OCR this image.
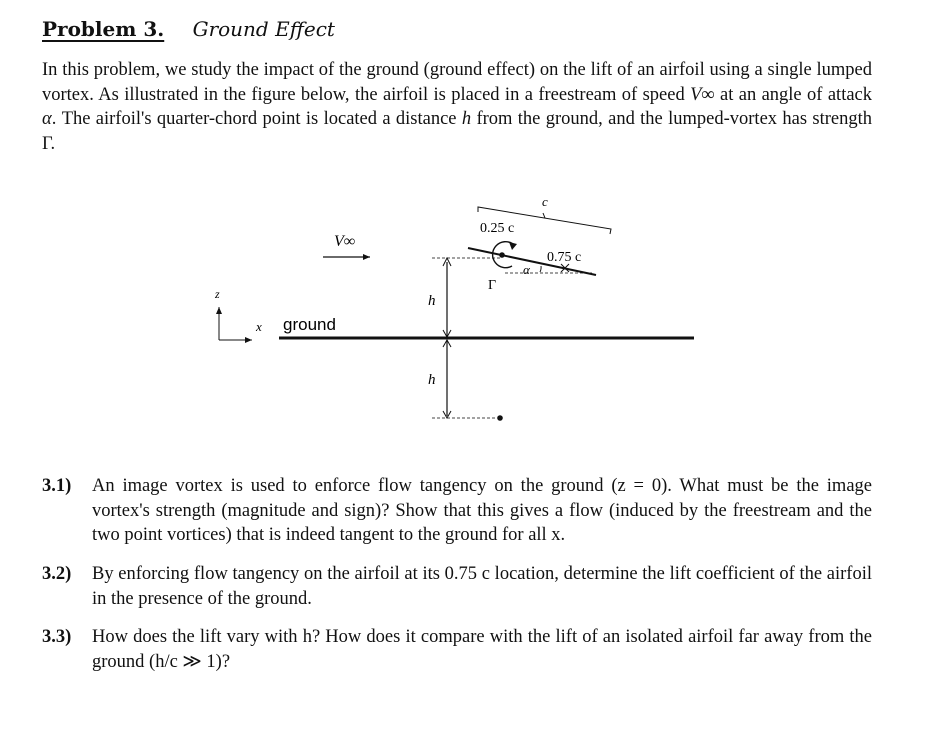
Problem 3. Ground Effect
In this problem, we study the impact of the ground (ground effect) on the lift of an airfoil using a single lumped vortex. As illustrated in the figure below, the airfoil is placed in a freestream of speed V∞ at an angle of attack α. The airfoil's quarter-chord point is located a distance h from the ground, and the lumped-vortex has strength Γ.
c
0.25 c
0.75 c
V∞
α
Γ
h
ground
z
x
h
3.1) An image vortex is used to enforce flow tangency on the ground (z = 0). What must be the image vortex's strength (magnitude and sign)? Show that this gives a flow (induced by the freestream and the two point vortices) that is indeed tangent to the ground for all x.
3.2) By enforcing flow tangency on the airfoil at its 0.75 c location, determine the lift coefficient of the airfoil in the presence of the ground.
3.3) How does the lift vary with h? How does it compare with the lift of an isolated airfoil far away from the ground (h/c ≫ 1)?
